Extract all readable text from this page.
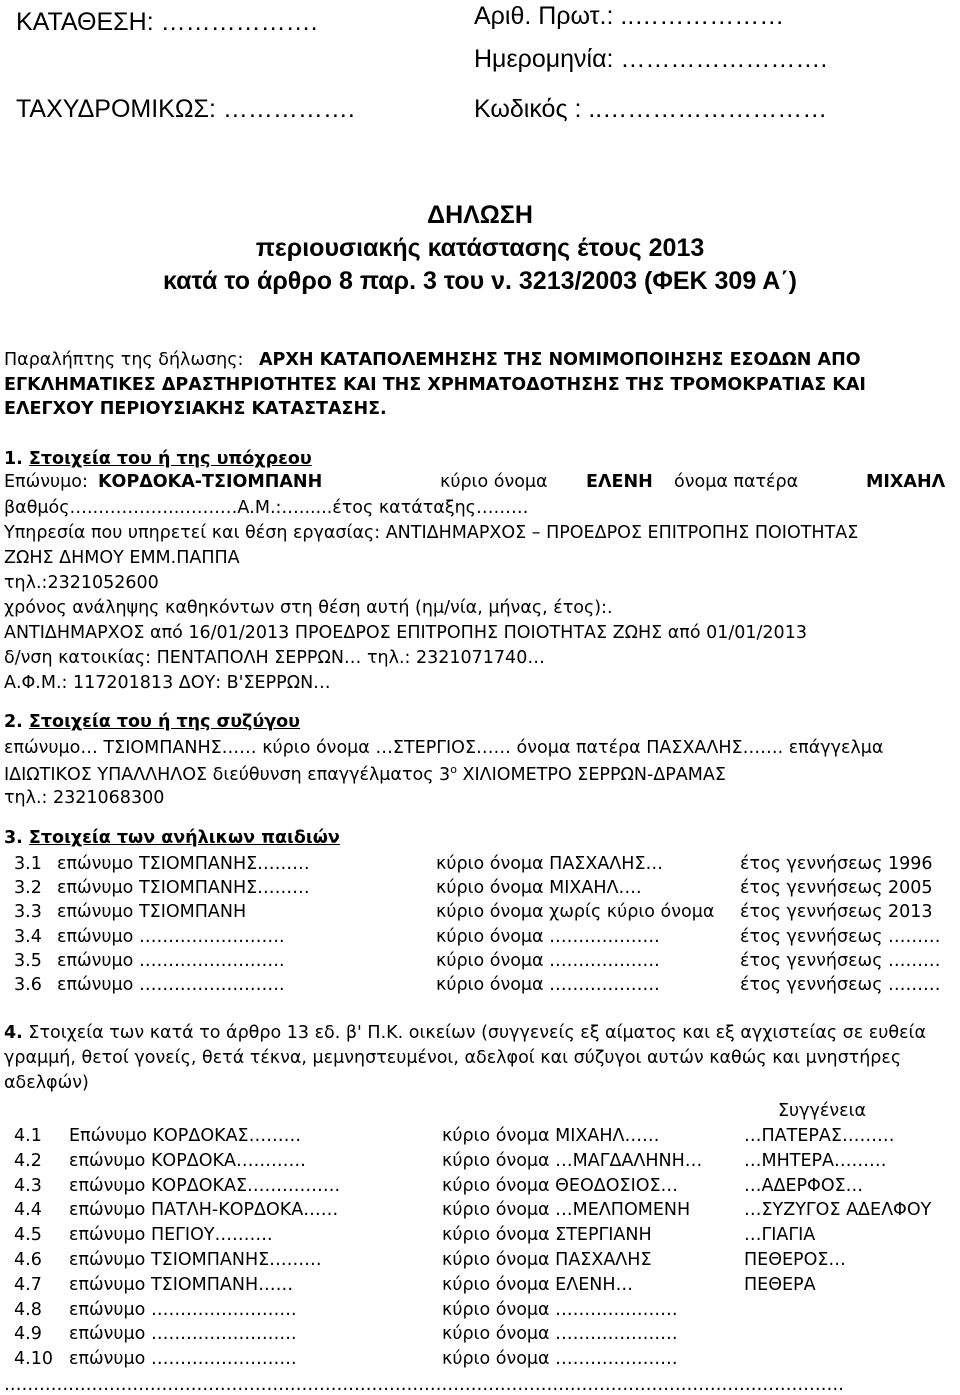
ΚΑΤΑΘΕΣΗ: ……………….	Αριθ. Πρωτ.: ..………………
Ημερομηνία: …………………….
ΤΑΧΥΔΡΟΜΙΚΩΣ: …………….	Κωδικός : ..………………………
ΔΗΛΩΣΗ
περιουσιακής κατάστασης έτους 2013
κατά το άρθρο 8 παρ. 3 του ν. 3213/2003 (ΦΕΚ 309 Α΄)
Παραλήπτης της δήλωσης: ΑΡΧΗ ΚΑΤΑΠΟΛΕΜΗΣΗΣ ΤΗΣ ΝΟΜΙΜΟΠΟΙΗΣΗΣ ΕΣΟΔΩΝ ΑΠΟ
ΕΓΚΛΗΜΑΤΙΚΕΣ ΔΡΑΣΤΗΡΙΟΤΗΤΕΣ ΚΑΙ ΤΗΣ ΧΡΗΜΑΤΟΔΟΤΗΣΗΣ ΤΗΣ ΤΡΟΜΟΚΡΑΤΙΑΣ ΚΑΙ
ΕΛΕΓΧΟΥ ΠΕΡΙΟΥΣΙΑΚΗΣ ΚΑΤΑΣΤΑΣΗΣ.
1. Στοιχεία του ή της υπόχρεου
Επώνυμο: ΚΟΡΔΟΚΑ-ΤΣΙΟΜΠΑΝΗ	κύριο όνομα ΕΛΕΝΗ όνομα πατέρα	ΜΙΧΑΗΛ
βαθμός…..…………..…….…Α.Μ.:…......έτος κατάταξης………
Υπηρεσία που υπηρετεί και θέση εργασίας: ΑΝΤΙΔΗΜΑΡΧΟΣ – ΠΡΟΕΔΡΟΣ ΕΠΙΤΡΟΠΗΣ ΠΟΙΟΤΗΤΑΣ
ΖΩΗΣ ΔΗΜΟΥ ΕΜΜ.ΠΑΠΠΑ
τηλ.:2321052600
χρόνος ανάληψης καθηκόντων στη θέση αυτή (ημ/νία, μήνας, έτος):.
ΑΝΤΙΔΗΜΑΡΧΟΣ από 16/01/2013 ΠΡΟΕΔΡΟΣ ΕΠΙΤΡΟΠΗΣ ΠΟΙΟΤΗΤΑΣ ΖΩΗΣ από 01/01/2013
δ/νση κατοικίας: ΠΕΝΤΑΠΟΛΗ ΣΕΡΡΩΝ… τηλ.: 2321071740…
Α.Φ.Μ.: 117201813 ΔΟΥ: Β'ΣΕΡΡΩΝ…
2. Στοιχεία του ή της συζύγου
επώνυμο… ΤΣΙΟΜΠΑΝΗΣ…… κύριο όνομα …ΣΤΕΡΓΙΟΣ…… όνομα πατέρα ΠΑΣΧΑΛΗΣ……. επάγγελμα
ΙΔΙΩΤΙΚΟΣ ΥΠΑΛΛΗΛΟΣ διεύθυνση επαγγέλματος $3^o$ ΧΙΛΙΟΜΕΤΡΟ ΣΕΡΡΩΝ-ΔΡΑΜΑΣ
τηλ.: 2321068300
3. Στοιχεία των ανήλικων παιδιών
3.1 επώνυμο ΤΣΙΟΜΠΑΝΗΣ………	κύριο όνομα ΠΑΣΧΑΛΗΣ…	έτος γεννήσεως 1996
3.2 επώνυμο ΤΣΙΟΜΠΑΝΗΣ………	κύριο όνομα ΜΙΧΑΗΛ….	έτος γεννήσεως 2005
3.3 επώνυμο ΤΣΙΟΜΠΑΝΗ	κύριο όνομα χωρίς κύριο όνομα έτος γεννήσεως 2013
3.4 επώνυμο …………………….	κύριο όνομα ……………….	έτος γεννήσεως ………
3.5 επώνυμο …………………….	κύριο όνομα ……………….	έτος γεννήσεως ………
3.6 επώνυμο …………………….	κύριο όνομα ……………….	έτος γεννήσεως ………
4. Στοιχεία των κατά το άρθρο 13 εδ. β' Π.Κ. οικείων (συγγενείς εξ αίματος και εξ αγχιστείας σε ευθεία
γραμμή, θετοί γονείς, θετά τέκνα, μεμνηστευμένοι, αδελφοί και σύζυγοι αυτών καθώς και μνηστήρες
αδελφών)
Συγγένεια
4.1 Επώνυμο ΚΟΡΔΟΚΑΣ………	κύριο όνομα ΜΙΧΑΗΛ……	…ΠΑΤΕΡΑΣ………
4.2 επώνυμο ΚΟΡΔΟΚΑ…………	κύριο όνομα …ΜΑΓΔΑΛΗΝΗ… …ΜΗΤΕΡΑ………
4.3 επώνυμο ΚΟΡΔΟΚΑΣ…………….	κύριο όνομα ΘΕΟΔΟΣΙΟΣ…	…ΑΔΕΡΦΟΣ…
4.4 επώνυμο ΠΑΤΛΗ-ΚΟΡΔΟΚΑ……	κύριο όνομα …ΜΕΛΠΟΜΕΝΗ	…ΣΥΖΥΓΟΣ ΑΔΕΛΦΟΥ
4.5 επώνυμο ΠΕΓΙΟΥ……….	κύριο όνομα ΣΤΕΡΓΙΑΝΗ	…ΓΙΑΓΙΑ
4.6 επώνυμο ΤΣΙΟΜΠΑΝΗΣ………	κύριο όνομα ΠΑΣΧΑΛΗΣ	ΠΕΘΕΡΟΣ…
4.7 επώνυμο ΤΣΙΟΜΠΑΝΗ……	κύριο όνομα ΕΛΕΝΗ…	ΠΕΘΕΡΑ
4.8 επώνυμο …………………….	κύριο όνομα …………………
4.9 επώνυμο …………………….	κύριο όνομα …………………
4.10 επώνυμο …………………….	κύριο όνομα …………………
………………………………………………………………………………………………………………………………
